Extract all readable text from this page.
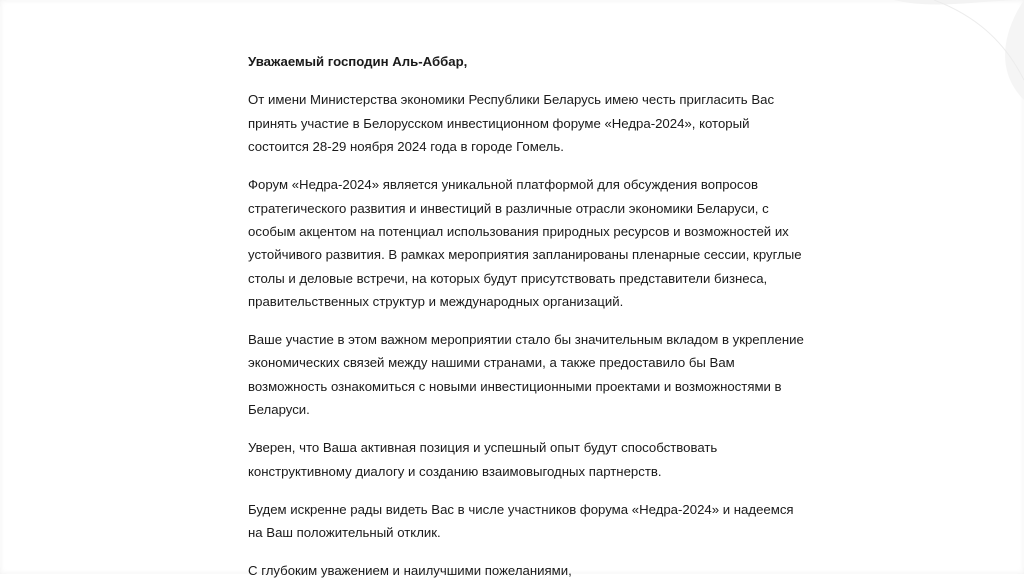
Уважаемый господин Аль-Аббар,

От имени Министерства экономики Республики Беларусь имею честь пригласить Вас принять участие в Белорусском инвестиционном форуме «Недра-2024», который состоится 28-29 ноября 2024 года в городе Гомель.

Форум «Недра-2024» является уникальной платформой для обсуждения вопросов стратегического развития и инвестиций в различные отрасли экономики Беларуси, с особым акцентом на потенциал использования природных ресурсов и возможностей их устойчивого развития. В рамках мероприятия запланированы пленарные сессии, круглые столы и деловые встречи, на которых будут присутствовать представители бизнеса, правительственных структур и международных организаций.

Ваше участие в этом важном мероприятии стало бы значительным вкладом в укрепление экономических связей между нашими странами, а также предоставило бы Вам возможность ознакомиться с новыми инвестиционными проектами и возможностями в Беларуси.

Уверен, что Ваша активная позиция и успешный опыт будут способствовать конструктивному диалогу и созданию взаимовыгодных партнерств.

Будем искренне рады видеть Вас в числе участников форума «Недра-2024» и надеемся на Ваш положительный отклик.

С глубоким уважением и наилучшими пожеланиями,
